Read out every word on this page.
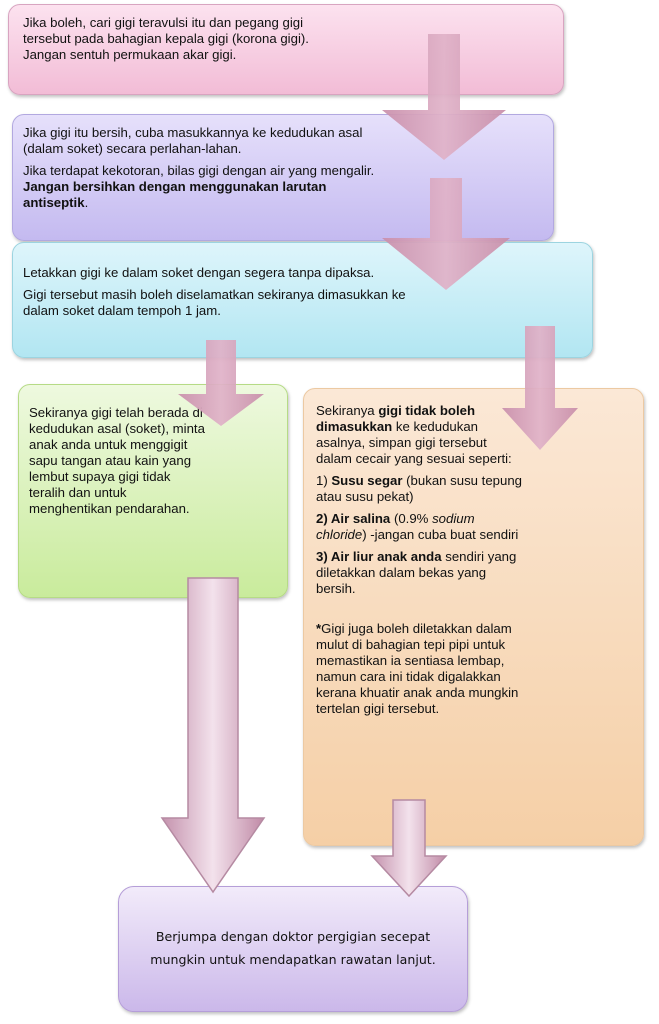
Jika boleh, cari gigi teravulsi itu dan pegang gigi tersebut pada bahagian kepala gigi (korona gigi). Jangan sentuh permukaan akar gigi.

Jika gigi itu bersih, cuba masukkannya ke kedudukan asal (dalam soket) secara perlahan-lahan.

Jika terdapat kekotoran, bilas gigi dengan air yang mengalir. Jangan bersihkan dengan menggunakan larutan antiseptik.

Letakkan gigi ke dalam soket dengan segera tanpa dipaksa.

Gigi tersebut masih boleh diselamatkan sekiranya dimasukkan ke dalam soket dalam tempoh 1 jam.

Sekiranya gigi telah berada di kedudukan asal (soket), minta anak anda untuk menggigit sapu tangan atau kain yang lembut supaya gigi tidak teralih dan untuk menghentikan pendarahan.

Sekiranya gigi tidak boleh dimasukkan ke kedudukan asalnya, simpan gigi tersebut dalam cecair yang sesuai seperti:

1) Susu segar (bukan susu tepung atau susu pekat)

2) Air salina (0.9% sodium chloride) -jangan cuba buat sendiri

3) Air liur anak anda sendiri yang diletakkan dalam bekas yang bersih.

*Gigi juga boleh diletakkan dalam mulut di bahagian tepi pipi untuk memastikan ia sentiasa lembap, namun cara ini tidak digalakkan kerana khuatir anak anda mungkin tertelan gigi tersebut.

Berjumpa dengan doktor pergigian secepat mungkin untuk mendapatkan rawatan lanjut.
